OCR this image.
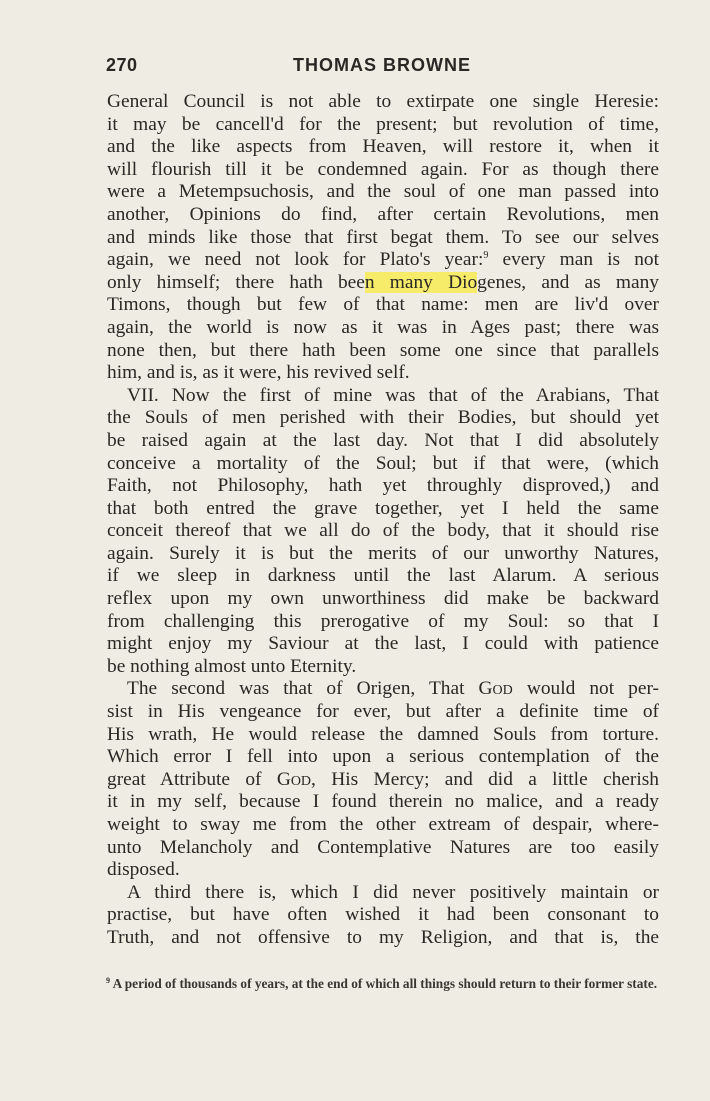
270	THOMAS BROWNE
General Council is not able to extirpate one single Heresie:
it may be cancell'd for the present; but revolution of time,
and the like aspects from Heaven, will restore it, when it
will flourish till it be condemned again. For as though there
were a Metempsuchosis, and the soul of one man passed into
another, Opinions do find, after certain Revolutions, men
and minds like those that first begat them. To see our selves
again, we need not look for Plato's year:$^9$ every man is not
only himself; there hath been many Diogenes, and as many
Timons, though but few of that name: men are liv'd over
again, the world is now as it was in Ages past; there was
none then, but there hath been some one since that parallels
him, and is, as it were, his revived self.
VII. Now the first of mine was that of the Arabians, That
the Souls of men perished with their Bodies, but should yet
be raised again at the last day. Not that I did absolutely
conceive a mortality of the Soul; but if that were, (which
Faith, not Philosophy, hath yet throughly disproved,) and
that both entred the grave together, yet I held the same
conceit thereof that we all do of the body, that it should rise
again. Surely it is but the merits of our unworthy Natures,
if we sleep in darkness until the last Alarum. A serious
reflex upon my own unworthiness did make be backward
from challenging this prerogative of my Soul: so that I
might enjoy my Saviour at the last, I could with patience
be nothing almost unto Eternity.
The second was that of Origen, That God would not per-
sist in His vengeance for ever, but after a definite time of
His wrath, He would release the damned Souls from torture.
Which error I fell into upon a serious contemplation of the
great Attribute of God, His Mercy; and did a little cherish
it in my self, because I found therein no malice, and a ready
weight to sway me from the other extream of despair, where-
unto Melancholy and Contemplative Natures are too easily
disposed.
A third there is, which I did never positively maintain or
practise, but have often wished it had been consonant to
Truth, and not offensive to my Religion, and that is, the
$^9$ A period of thousands of years, at the end of which all things should return to their former state.
